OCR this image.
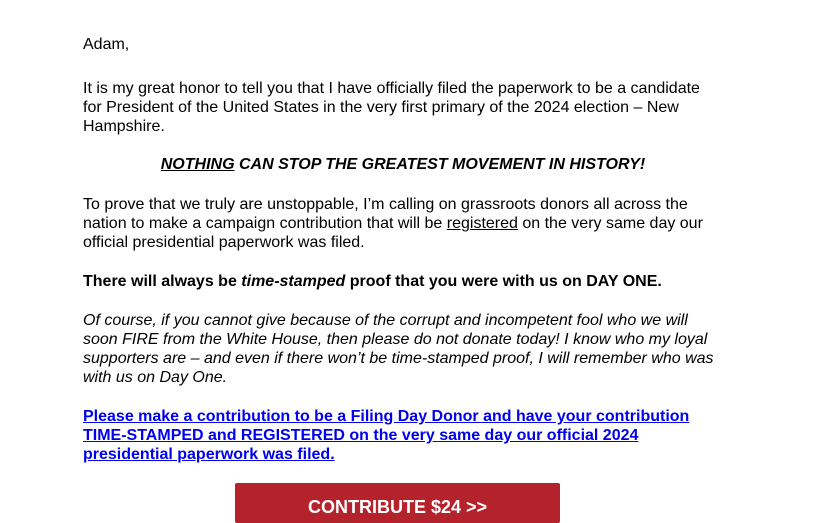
Adam,

It is my great honor to tell you that I have officially filed the paperwork to be a candidate for President of the United States in the very first primary of the 2024 election – New Hampshire.

NOTHING CAN STOP THE GREATEST MOVEMENT IN HISTORY!

To prove that we truly are unstoppable, I’m calling on grassroots donors all across the nation to make a campaign contribution that will be registered on the very same day our official presidential paperwork was filed.

There will always be time-stamped proof that you were with us on DAY ONE.

Of course, if you cannot give because of the corrupt and incompetent fool who we will soon FIRE from the White House, then please do not donate today! I know who my loyal supporters are – and even if there won’t be time-stamped proof, I will remember who was with us on Day One.

Please make a contribution to be a Filing Day Donor and have your contribution TIME-STAMPED and REGISTERED on the very same day our official 2024 presidential paperwork was filed.
CONTRIBUTE $24 >>
